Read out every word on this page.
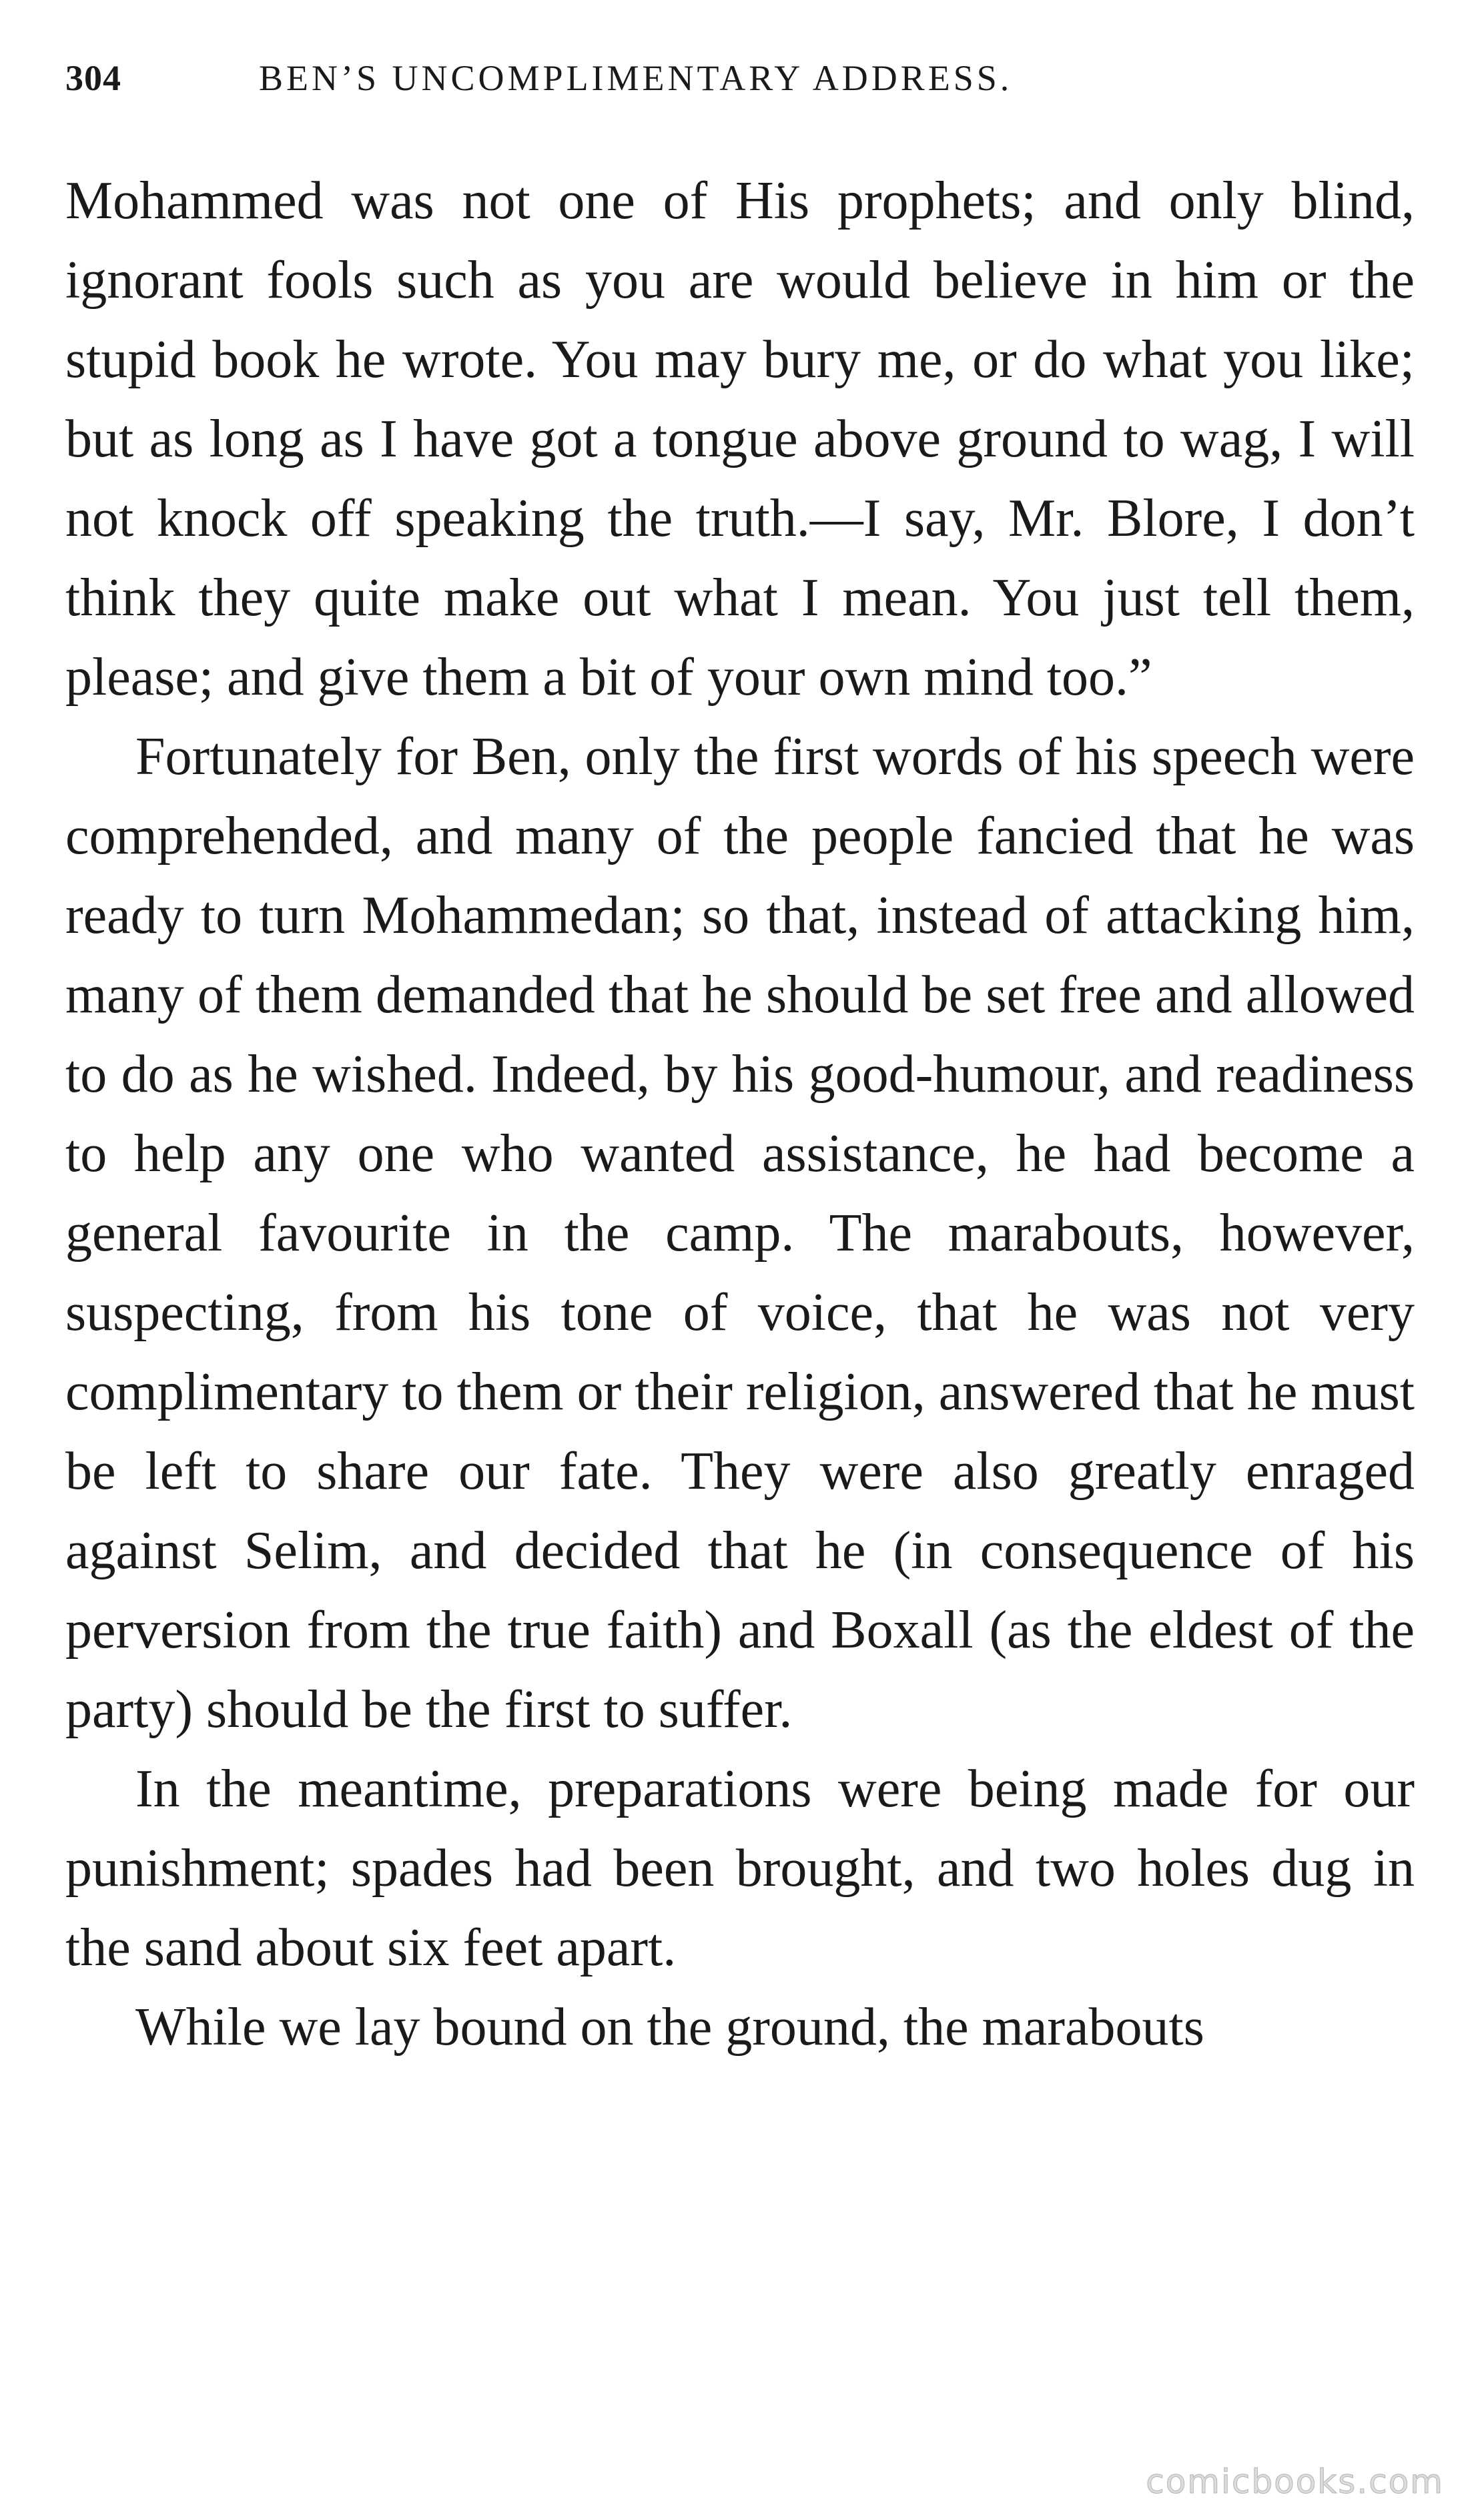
304	BEN’S UNCOMPLIMENTARY ADDRESS.

Mohammed was not one of His prophets; and only blind, ignorant fools such as you are would believe in him or the stupid book he wrote. You may bury me, or do what you like; but as long as I have got a tongue above ground to wag, I will not knock off speaking the truth.—I say, Mr. Blore, I don’t think they quite make out what I mean. You just tell them, please; and give them a bit of your own mind too.”

Fortunately for Ben, only the first words of his speech were comprehended, and many of the people fancied that he was ready to turn Mohammedan; so that, instead of attacking him, many of them demanded that he should be set free and allowed to do as he wished. Indeed, by his good-humour, and readiness to help any one who wanted assistance, he had become a general favourite in the camp. The marabouts, however, suspecting, from his tone of voice, that he was not very complimentary to them or their religion, answered that he must be left to share our fate. They were also greatly enraged against Selim, and decided that he (in consequence of his perversion from the true faith) and Boxall (as the eldest of the party) should be the first to suffer.

In the meantime, preparations were being made for our punishment; spades had been brought, and two holes dug in the sand about six feet apart.

While we lay bound on the ground, the marabouts

comicbooks.com
